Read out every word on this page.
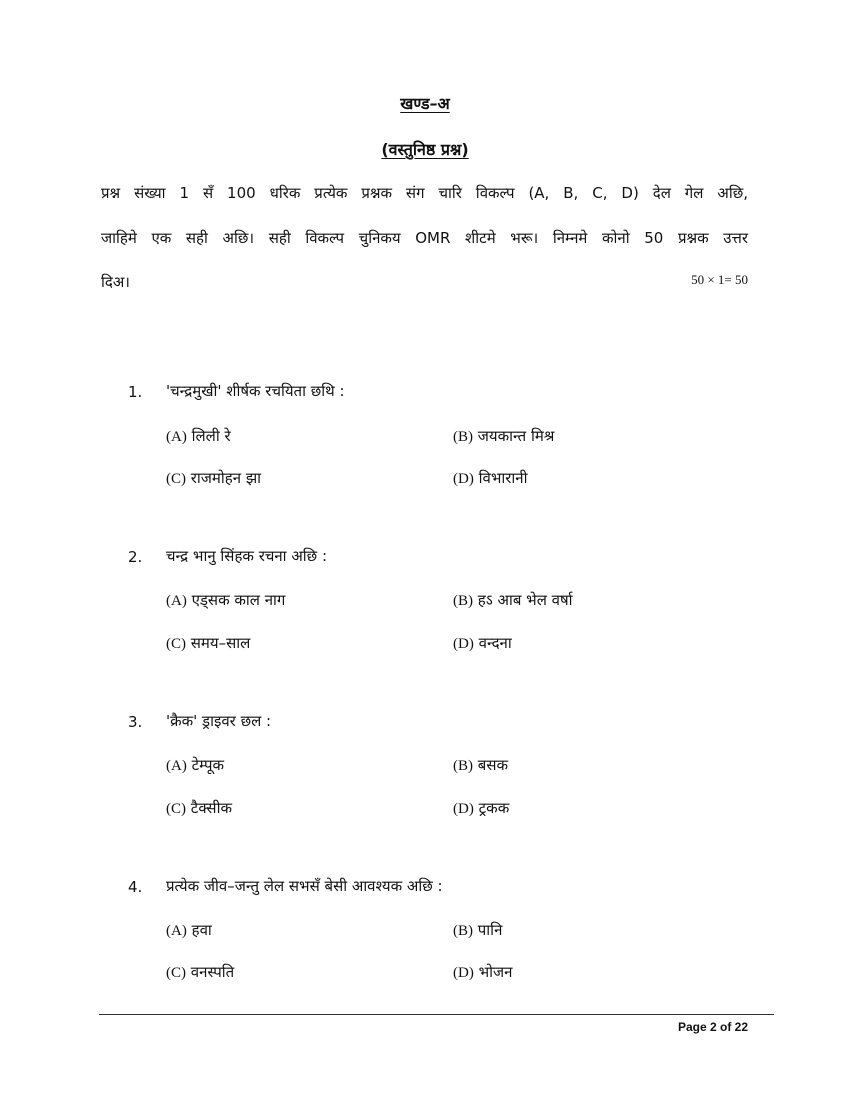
खण्ड–अ
(वस्तुनिष्ठ प्रश्न)
प्रश्न संख्या 1 सँ 100 धरिक प्रत्येक प्रश्नक संग चारि विकल्प (A, B, C, D) देल गेल अछि,
जाहिमे एक सही अछि। सही विकल्प चुनिकय OMR शीटमे भरू। निम्नमे कोनो 50 प्रश्नक उत्तर
दिअ।	50 × 1= 50
1. 'चन्द्रमुखी' शीर्षक रचयिता छथि :
(A) लिली रे	(B) जयकान्त मिश्र
(C) राजमोहन झा	(D) विभारानी
2. चन्द्र भानु सिंहक रचना अछि :
(A) एड्सक काल नाग	(B) हऽ आब भेल वर्षा
(C) समय–साल	(D) वन्दना
3. 'क्रैक' ड्राइवर छल :
(A) टेम्पूक	(B) बसक
(C) टैक्सीक	(D) ट्रकक
4. प्रत्येक जीव–जन्तु लेल सभसँ बेसी आवश्यक अछि :
(A) हवा	(B) पानि
(C) वनस्पति	(D) भोजन
Page 2 of 22
